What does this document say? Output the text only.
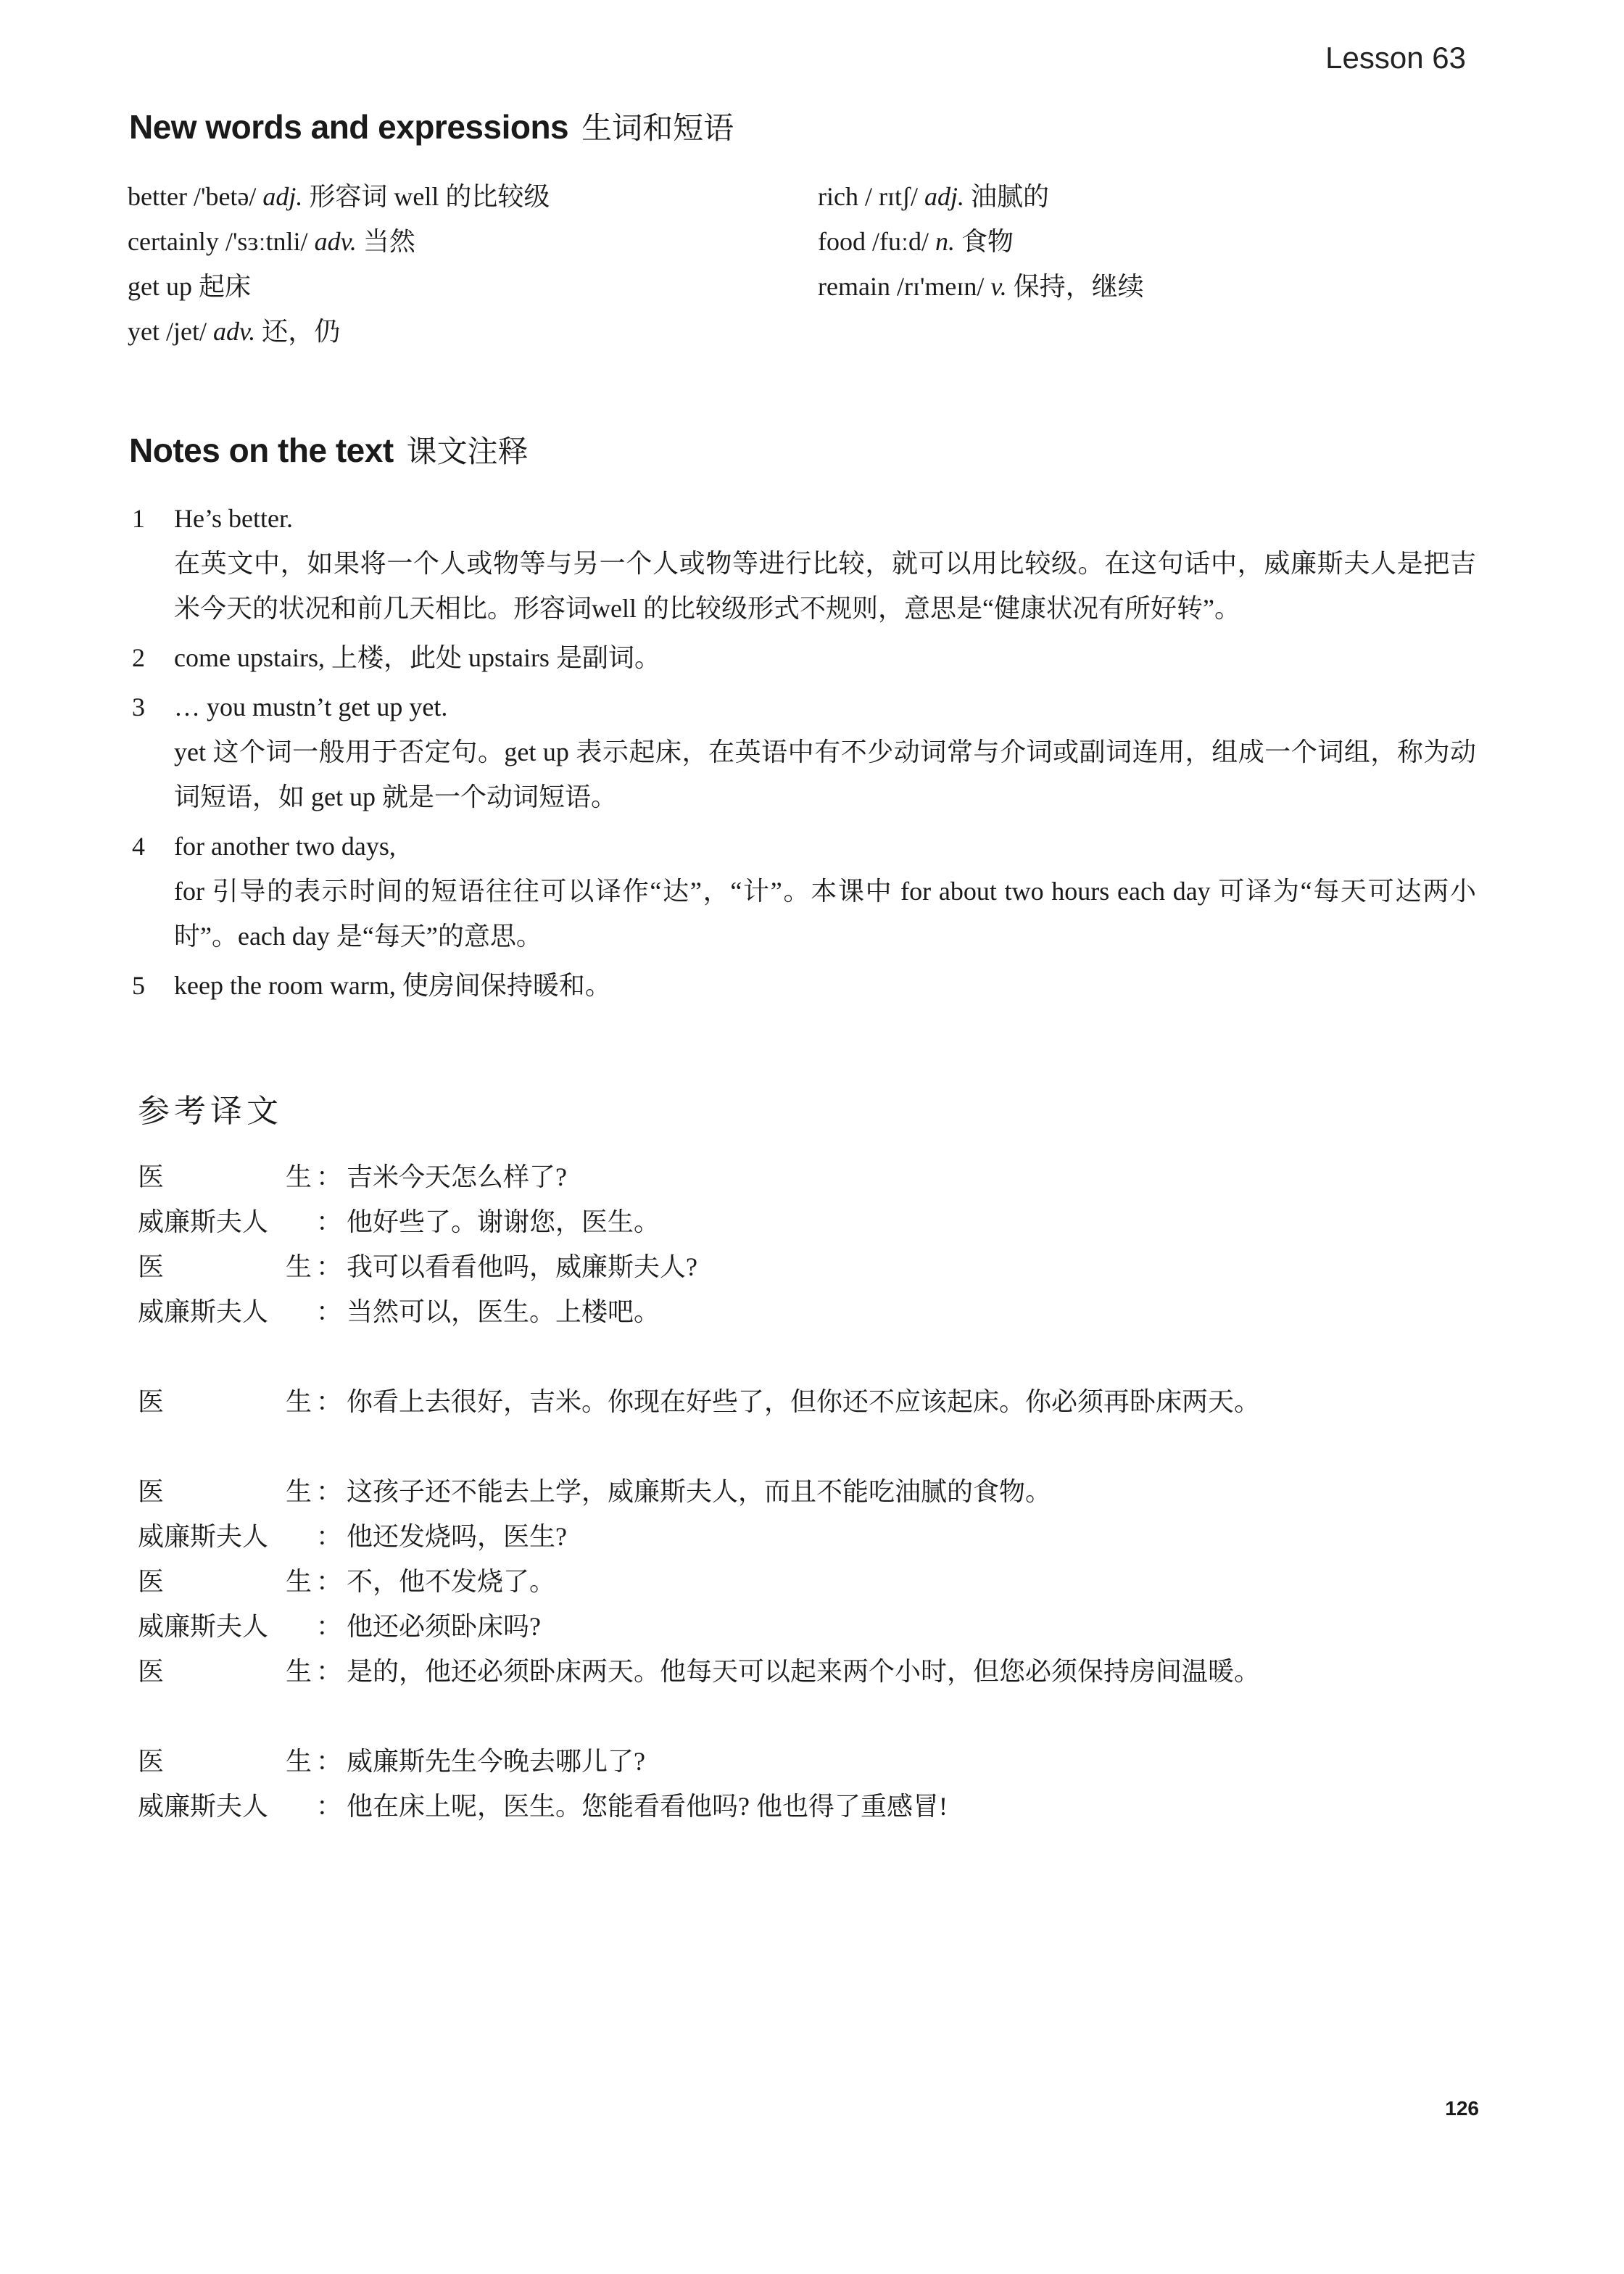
Lesson 63
New words and expressions 生词和短语
better /'betə/ adj. 形容词 well 的比较级
certainly /'sɜːtnli/ adv. 当然
get up 起床
yet /jet/ adv. 还，仍
rich / rɪtʃ/ adj. 油腻的
food /fuːd/ n. 食物
remain /rɪ'meɪn/ v. 保持，继续
Notes on the text 课文注释
1 He’s better.
在英文中，如果将一个人或物等与另一个人或物等进行比较，就可以用比较级。在这句话中，威廉斯夫人是把吉米今天的状况和前几天相比。形容词well 的比较级形式不规则，意思是“健康状况有所好转”。
2 come upstairs, 上楼，此处 upstairs 是副词。
3 … you mustn’t get up yet.
yet 这个词一般用于否定句。get up 表示起床，在英语中有不少动词常与介词或副词连用，组成一个词组，称为动词短语，如 get up 就是一个动词短语。
4 for another two days,
for 引导的表示时间的短语往往可以译作“达”，“计”。本课中 for about two hours each day 可译为“每天可达两小时”。each day 是“每天”的意思。
5 keep the room warm, 使房间保持暖和。
参考译文
医	生 ： 吉米今天怎么样了?
威廉斯夫人 ： 他好些了。谢谢您，医生。
医	生 ： 我可以看看他吗，威廉斯夫人?
威廉斯夫人 ： 当然可以，医生。上楼吧。
医	生 ： 你看上去很好，吉米。你现在好些了，但你还不应该起床。你必须再卧床两天。
医	生 ： 这孩子还不能去上学，威廉斯夫人，而且不能吃油腻的食物。
威廉斯夫人 ： 他还发烧吗，医生?
医	生 ： 不，他不发烧了。
威廉斯夫人 ： 他还必须卧床吗?
医	生 ： 是的，他还必须卧床两天。他每天可以起来两个小时，但您必须保持房间温暖。
医	生 ： 威廉斯先生今晚去哪儿了?
威廉斯夫人 ： 他在床上呢，医生。您能看看他吗? 他也得了重感冒!
126
